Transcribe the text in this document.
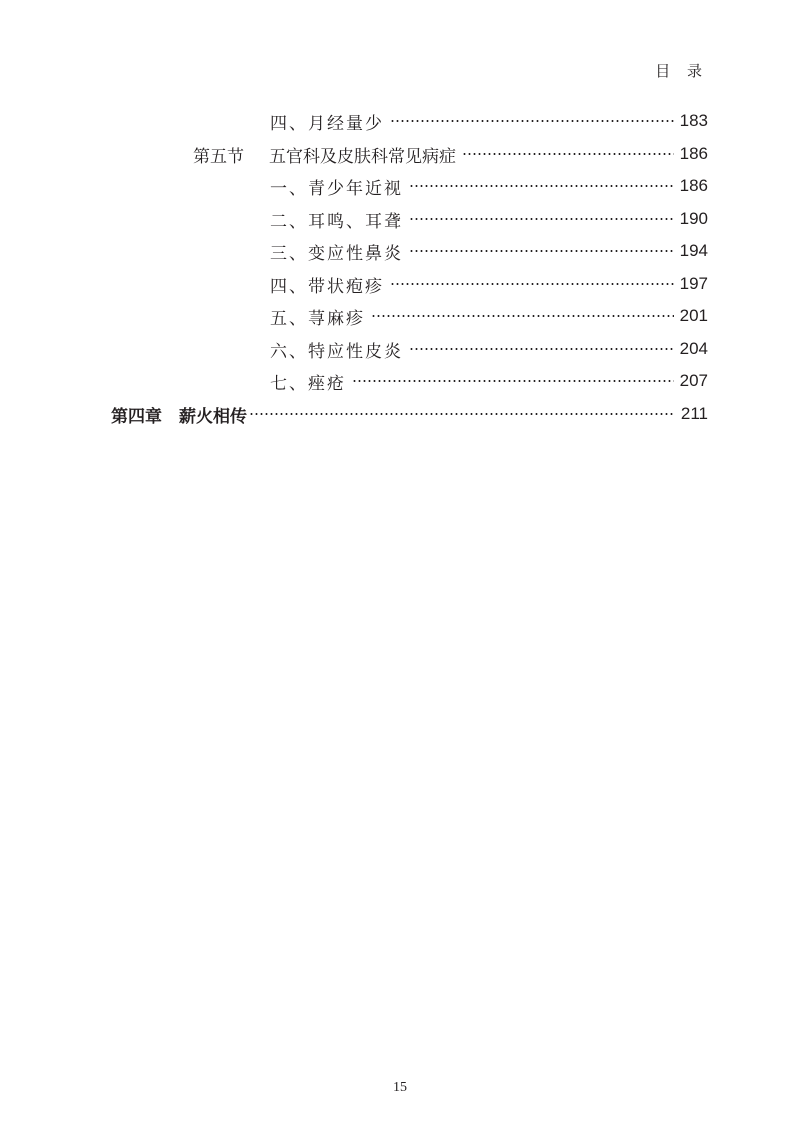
目 录
四、月经量少	183
第五节 五官科及皮肤科常见病症	186
一、青少年近视	186
二、耳鸣、耳聋	190
三、变应性鼻炎	194
四、带状疱疹	197
五、荨麻疹	201
六、特应性皮炎	204
七、痤疮	207
第四章　薪火相传	211
15
